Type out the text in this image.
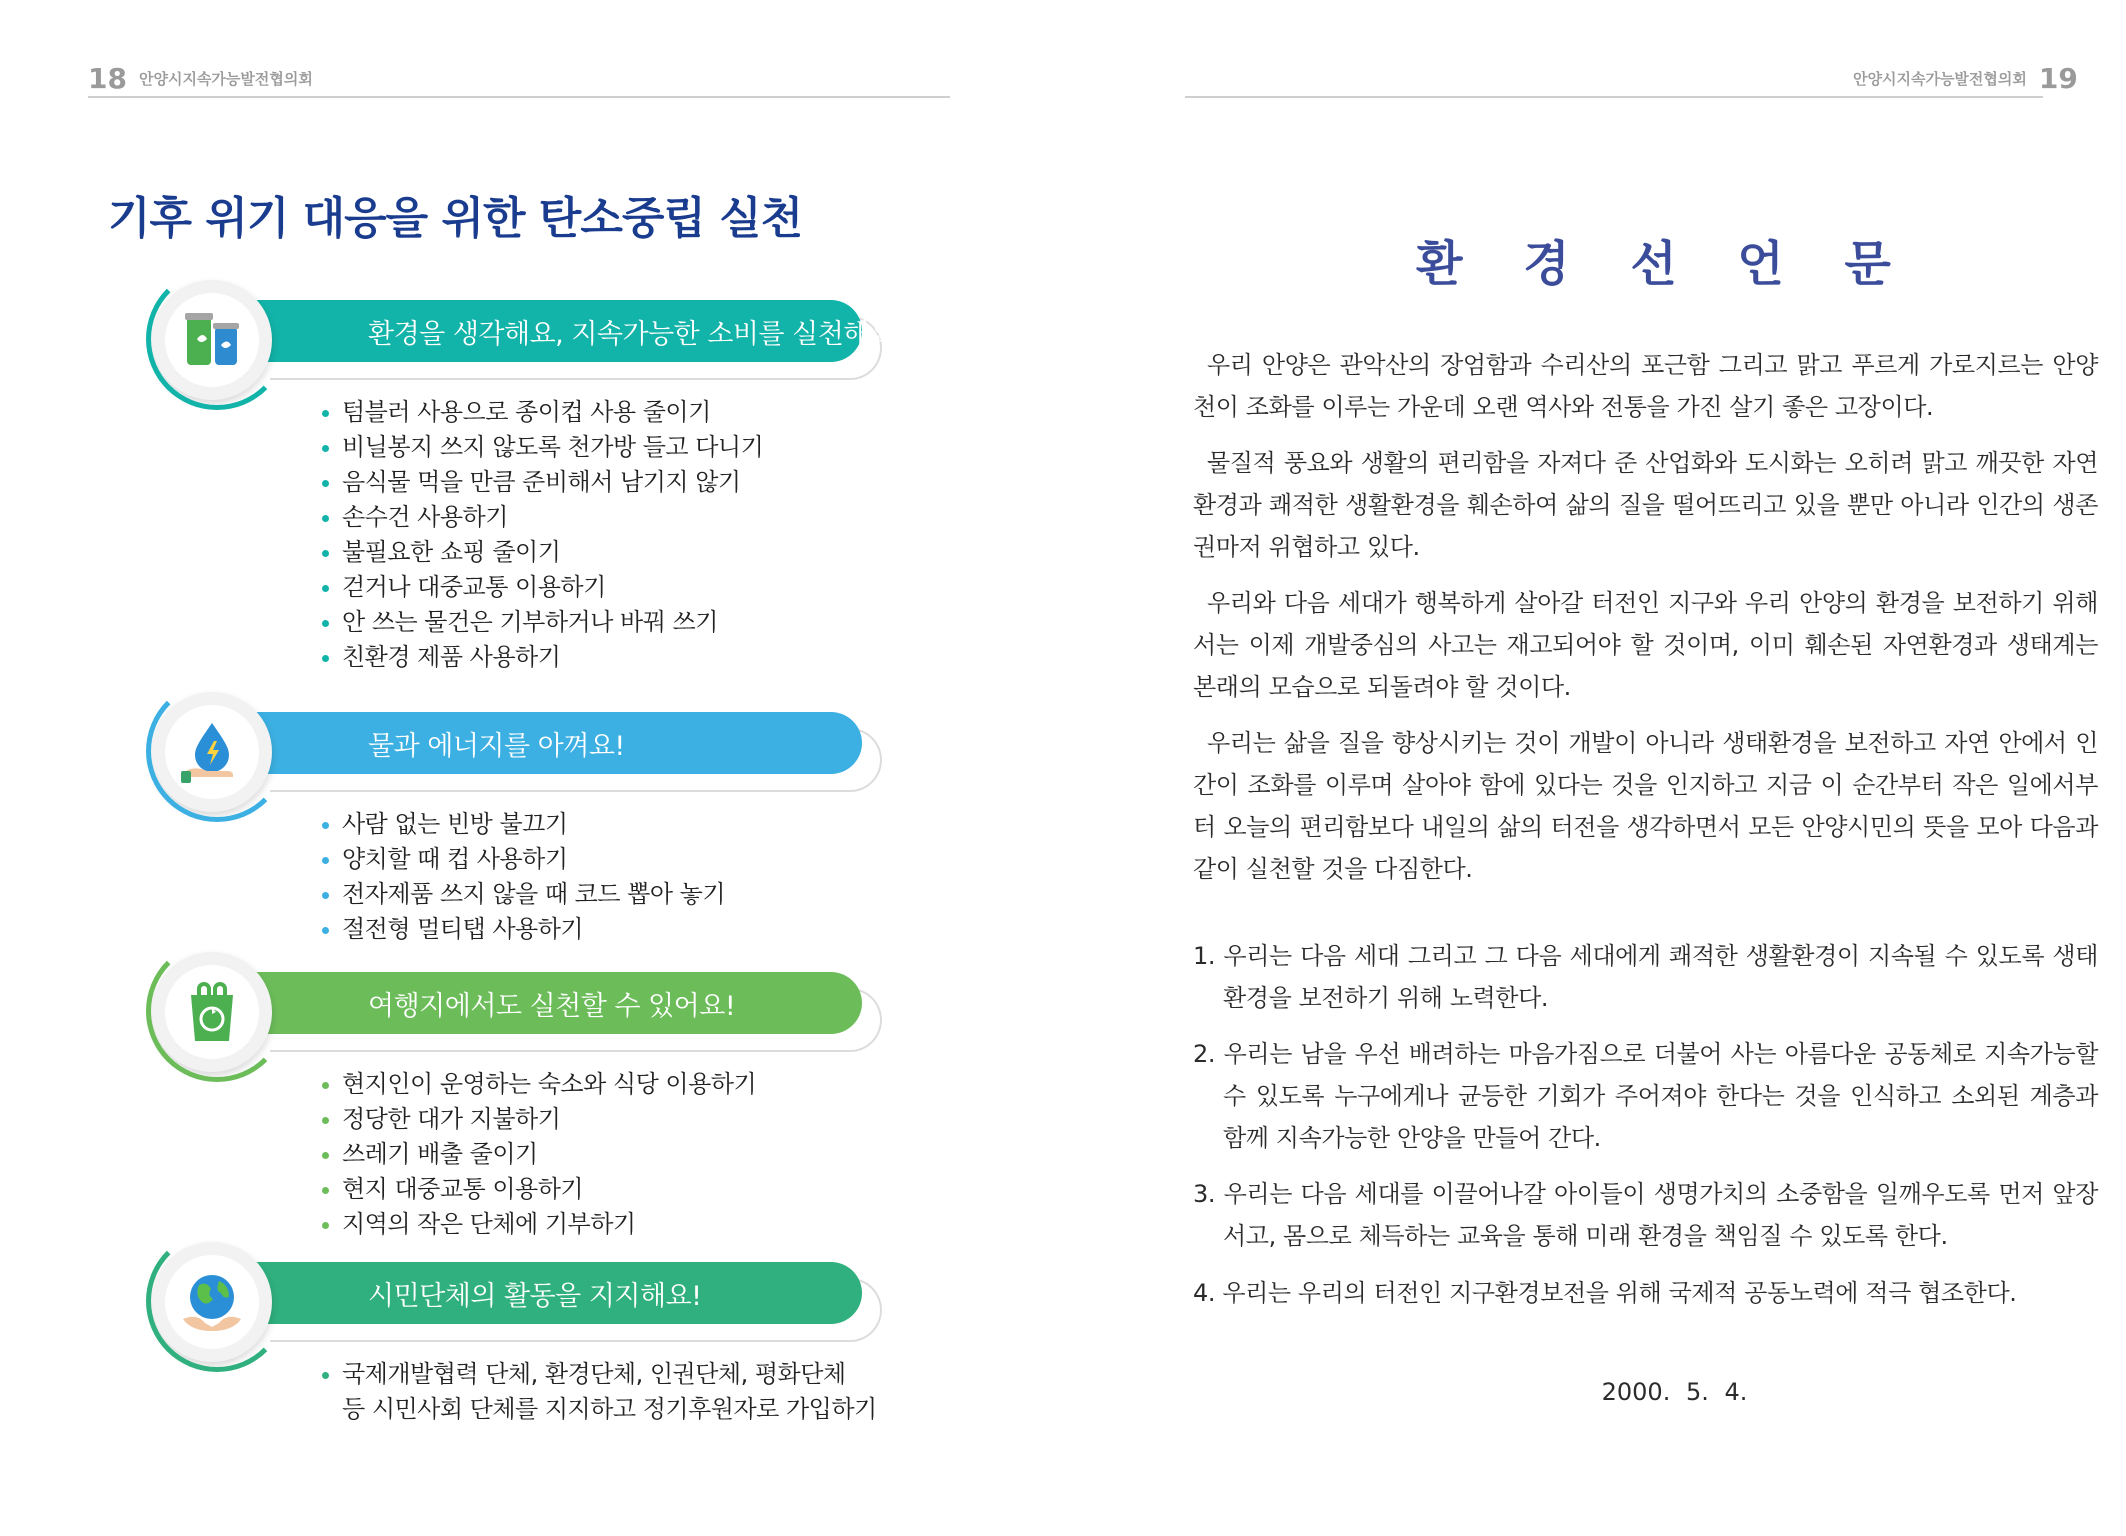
18 안양시지속가능발전협의회
기후 위기 대응을 위한 탄소중립 실천
환경을 생각해요, 지속가능한 소비를 실천해요!
텀블러 사용으로 종이컵 사용 줄이기
비닐봉지 쓰지 않도록 천가방 들고 다니기
음식물 먹을 만큼 준비해서 남기지 않기
손수건 사용하기
불필요한 쇼핑 줄이기
걷거나 대중교통 이용하기
안 쓰는 물건은 기부하거나 바꿔 쓰기
친환경 제품 사용하기
물과 에너지를 아껴요!
사람 없는 빈방 불끄기
양치할 때 컵 사용하기
전자제품 쓰지 않을 때 코드 뽑아 놓기
절전형 멀티탭 사용하기
여행지에서도 실천할 수 있어요!
현지인이 운영하는 숙소와 식당 이용하기
정당한 대가 지불하기
쓰레기 배출 줄이기
현지 대중교통 이용하기
지역의 작은 단체에 기부하기
시민단체의 활동을 지지해요!
국제개발협력 단체, 환경단체, 인권단체, 평화단체
등 시민사회 단체를 지지하고 정기후원자로 가입하기
안양시지속가능발전협의회 19
환 경 선 언 문
우리 안양은 관악산의 장엄함과 수리산의 포근함 그리고 맑고 푸르게 가로지르는 안양천이 조화를 이루는 가운데 오랜 역사와 전통을 가진 살기 좋은 고장이다.
물질적 풍요와 생활의 편리함을 자져다 준 산업화와 도시화는 오히려 맑고 깨끗한 자연환경과 쾌적한 생활환경을 훼손하여 삶의 질을 떨어뜨리고 있을 뿐만 아니라 인간의 생존권마저 위협하고 있다.
우리와 다음 세대가 행복하게 살아갈 터전인 지구와 우리 안양의 환경을 보전하기 위해서는 이제 개발중심의 사고는 재고되어야 할 것이며, 이미 훼손된 자연환경과 생태계는 본래의 모습으로 되돌려야 할 것이다.
우리는 삶을 질을 향상시키는 것이 개발이 아니라 생태환경을 보전하고 자연 안에서 인간이 조화를 이루며 살아야 함에 있다는 것을 인지하고 지금 이 순간부터 작은 일에서부터 오늘의 편리함보다 내일의 삶의 터전을 생각하면서 모든 안양시민의 뜻을 모아 다음과 같이 실천할 것을 다짐한다.
1. 우리는 다음 세대 그리고 그 다음 세대에게 쾌적한 생활환경이 지속될 수 있도록 생태환경을 보전하기 위해 노력한다.
2. 우리는 남을 우선 배려하는 마음가짐으로 더불어 사는 아름다운 공동체로 지속가능할 수 있도록 누구에게나 균등한 기회가 주어져야 한다는 것을 인식하고 소외된 계층과 함께 지속가능한 안양을 만들어 간다.
3. 우리는 다음 세대를 이끌어나갈 아이들이 생명가치의 소중함을 일깨우도록 먼저 앞장서고, 몸으로 체득하는 교육을 통해 미래 환경을 책임질 수 있도록 한다.
4. 우리는 우리의 터전인 지구환경보전을 위해 국제적 공동노력에 적극 협조한다.
2000. 5. 4.
